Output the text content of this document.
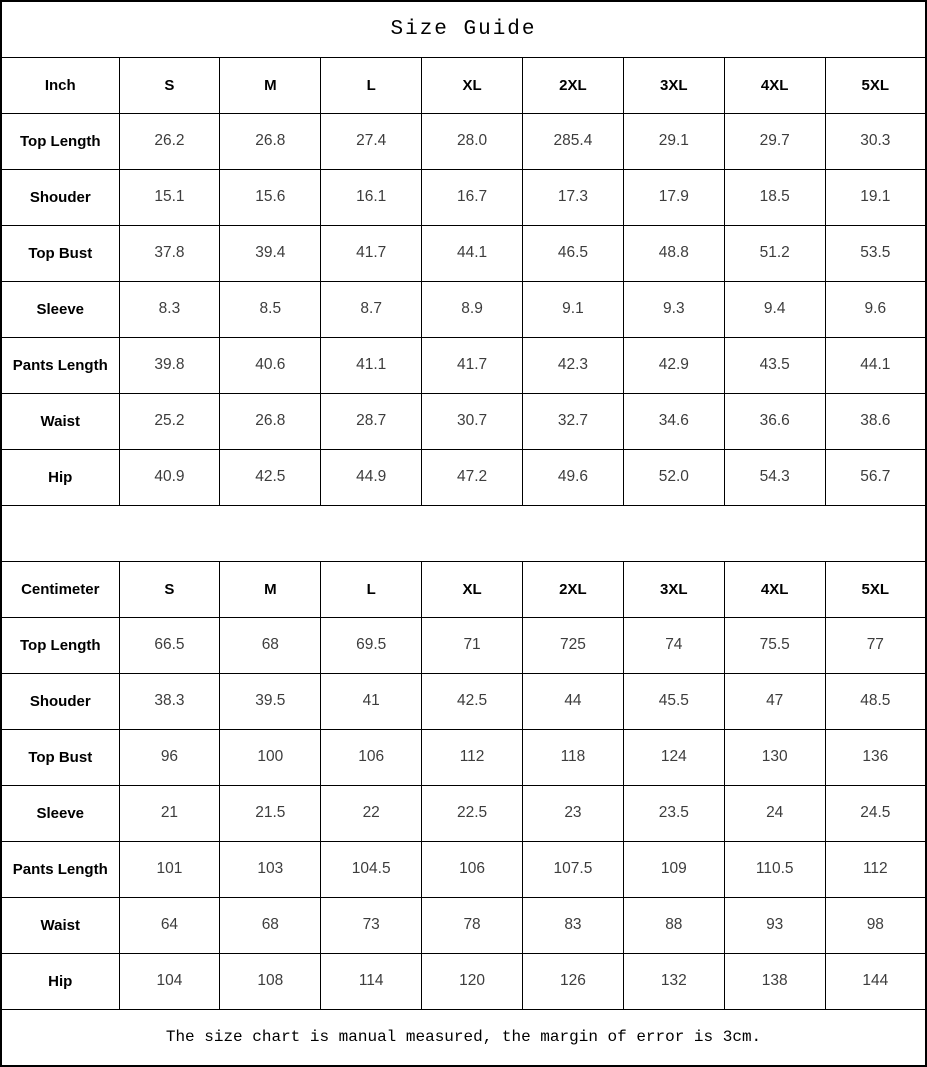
Size Guide								
Inch	S	M	L	XL	2XL	3XL	4XL	5XL
Top Length	26.2	26.8	27.4	28.0	285.4	29.1	29.7	30.3
Shouder	15.1	15.6	16.1	16.7	17.3	17.9	18.5	19.1
Top Bust	37.8	39.4	41.7	44.1	46.5	48.8	51.2	53.5
Sleeve	8.3	8.5	8.7	8.9	9.1	9.3	9.4	9.6
Pants Length	39.8	40.6	41.1	41.7	42.3	42.9	43.5	44.1
Waist	25.2	26.8	28.7	30.7	32.7	34.6	36.6	38.6
Hip	40.9	42.5	44.9	47.2	49.6	52.0	54.3	56.7

Centimeter	S	M	L	XL	2XL	3XL	4XL	5XL
Top Length	66.5	68	69.5	71	725	74	75.5	77
Shouder	38.3	39.5	41	42.5	44	45.5	47	48.5
Top Bust	96	100	106	112	118	124	130	136
Sleeve	21	21.5	22	22.5	23	23.5	24	24.5
Pants Length	101	103	104.5	106	107.5	109	110.5	112
Waist	64	68	73	78	83	88	93	98
Hip	104	108	114	120	126	132	138	144
The size chart is manual measured, the margin of error is 3cm.								
